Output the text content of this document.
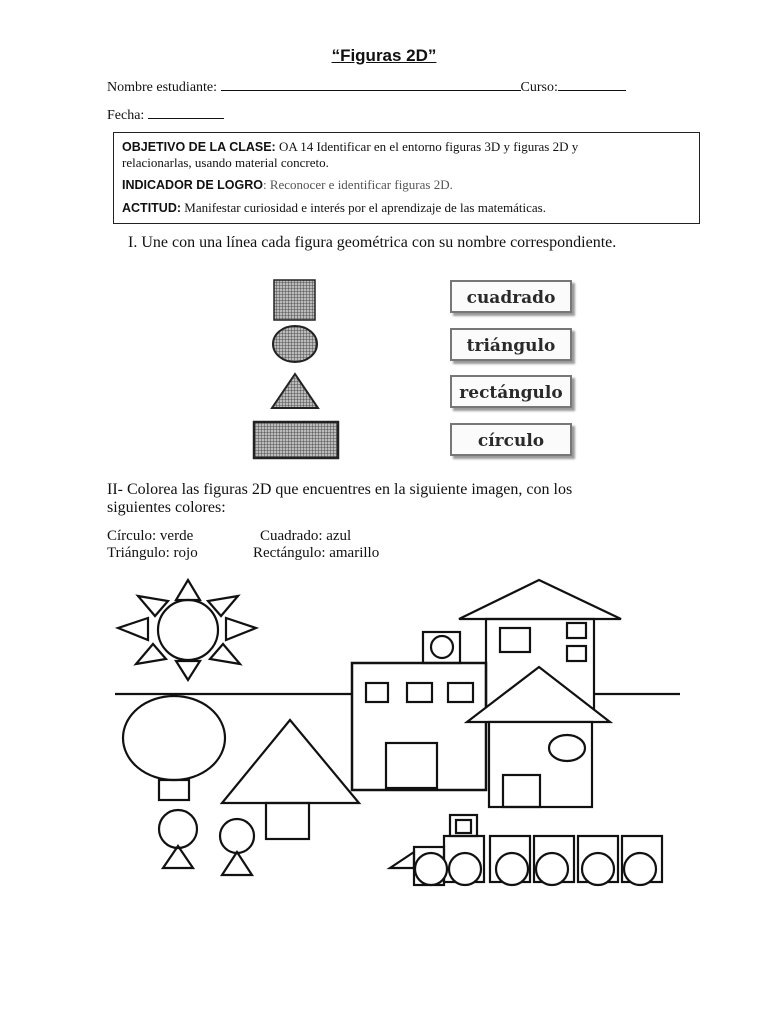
“Figuras 2D”
Nombre estudiante:	Curso:
Fecha:

OBJETIVO DE LA CLASE: OA 14 Identificar en el entorno figuras 3D y figuras 2D y
relacionarlas, usando material concreto.

INDICADOR DE LOGRO: Reconocer e identificar figuras 2D.

ACTITUD: Manifestar curiosidad e interés por el aprendizaje de las matemáticas.

I. Une con una línea cada figura geométrica con su nombre correspondiente.
cuadrado
triángulo
rectángulo
círculo
II- Colorea las figuras 2D que encuentres en la siguiente imagen, con los
siguientes colores:
Círculo: verde	Cuadrado: azul
Triángulo: rojo	Rectángulo: amarillo
